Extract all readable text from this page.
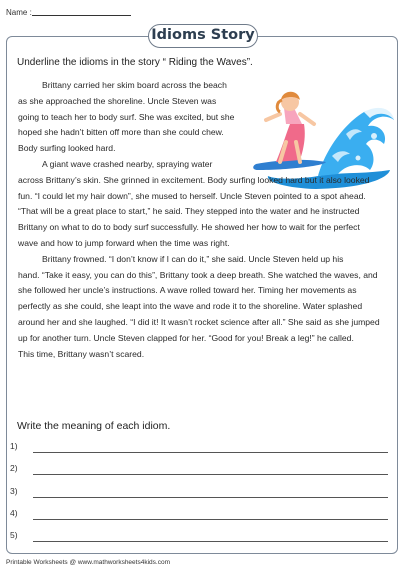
Name :
Idioms Story
Underline the idioms in the story “ Riding the Waves”.
Brittany carried her skim board across the beach
as she approached the shoreline. Uncle Steven was
going to teach her to body surf. She was excited, but she
hoped she hadn’t bitten off more than she could chew.
Body surfing looked hard.
A giant wave crashed nearby, spraying water
across Brittany’s skin. She grinned in excitement. Body surfing looked hard but it also looked
fun. “I could let my hair down”, she mused to herself. Uncle Steven pointed to a spot ahead.
“That will be a great place to start,” he said. They stepped into the water and he instructed
Brittany on what to do to body surf successfully. He showed her how to wait for the perfect
wave and how to jump forward when the time was right.
Brittany frowned. “I don’t know if I can do it,” she said. Uncle Steven held up his
hand. “Take it easy, you can do this”, Brittany took a deep breath. She watched the waves, and
she followed her uncle’s instructions. A wave rolled toward her. Timing her movements as
perfectly as she could, she leapt into the wave and rode it to the shoreline. Water splashed
around her and she laughed. “I did it! It wasn’t rocket science after all.” She said as she jumped
up for another turn. Uncle Steven clapped for her. “Good for you! Break a leg!” he called.
This time, Brittany wasn’t scared.
Write the meaning of each idiom.
1)
2)
3)
4)
5)
Printable Worksheets @ www.mathworksheets4kids.com
